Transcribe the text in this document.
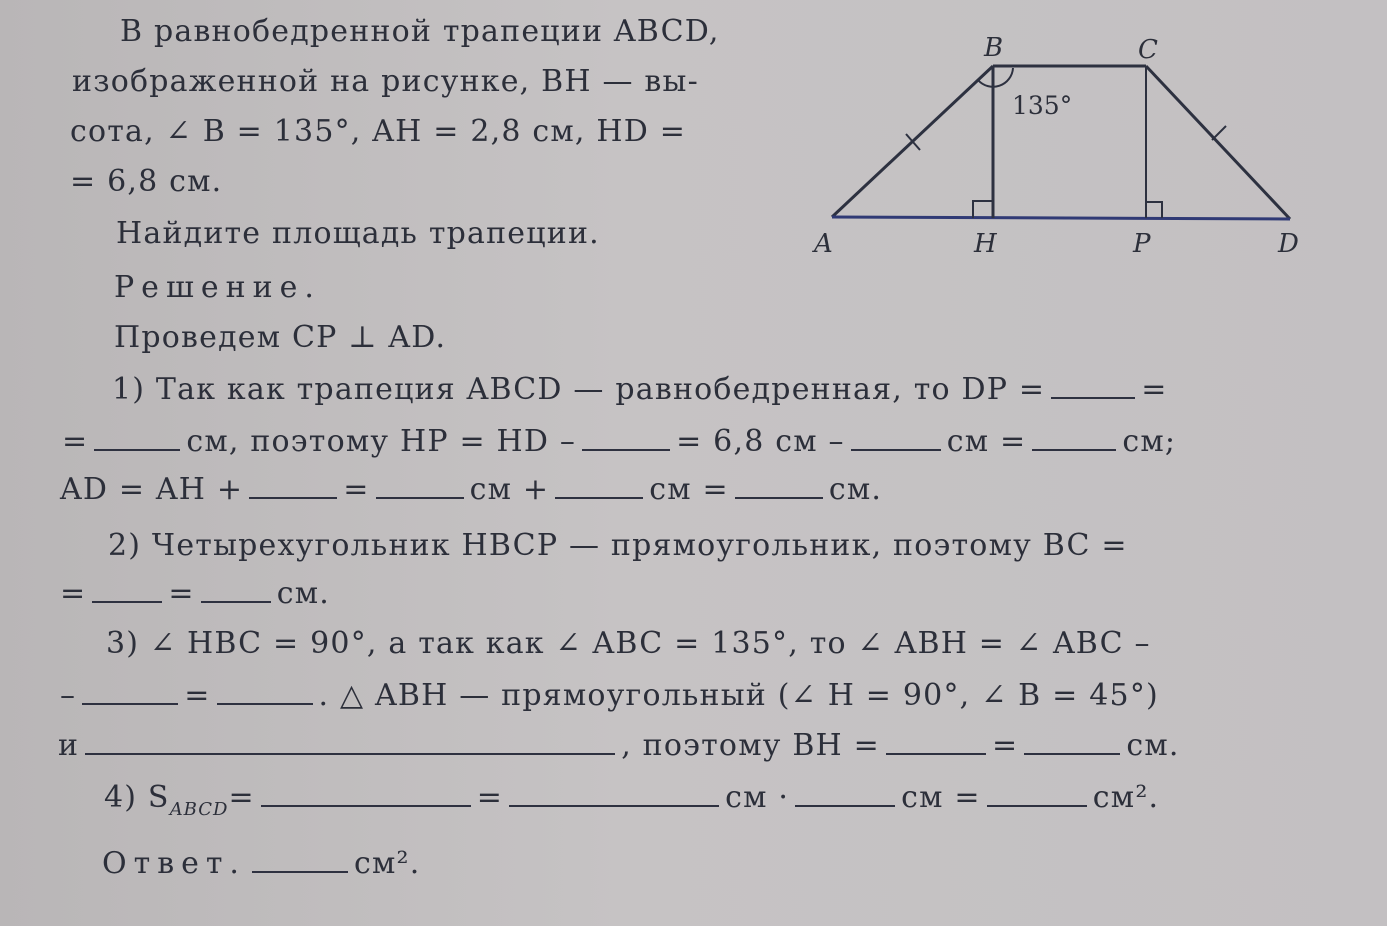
В равнобедренной трапеции ABCD,
изображенной на рисунке, BH — вы-
сота, ∠ B = 135°, AH = 2,8 см, HD =
= 6,8 см.
Найдите площадь трапеции.	A
B	C
D
H	P
135°
Решение.
Проведем CP ⊥ AD.
1) Так как трапеция ABCD — равнобедренная, то DP =	=
=	см, поэтому HP = HD –	= 6,8 см –	см =	см;
AD = AH +	=	см +	см =	см.
2) Четырехугольник HBCP — прямоугольник, поэтому BC =
=	=	см.
3) ∠ HBC = 90°, а так как ∠ ABC = 135°, то ∠ ABH = ∠ ABC –
–	=	. △ ABH — прямоугольный (∠ H = 90°, ∠ B = 45°)
и	, поэтому BH =	=	см.
4) $S_{ABCD}=$	=	см ·	см =	см².
Ответ.	см².
